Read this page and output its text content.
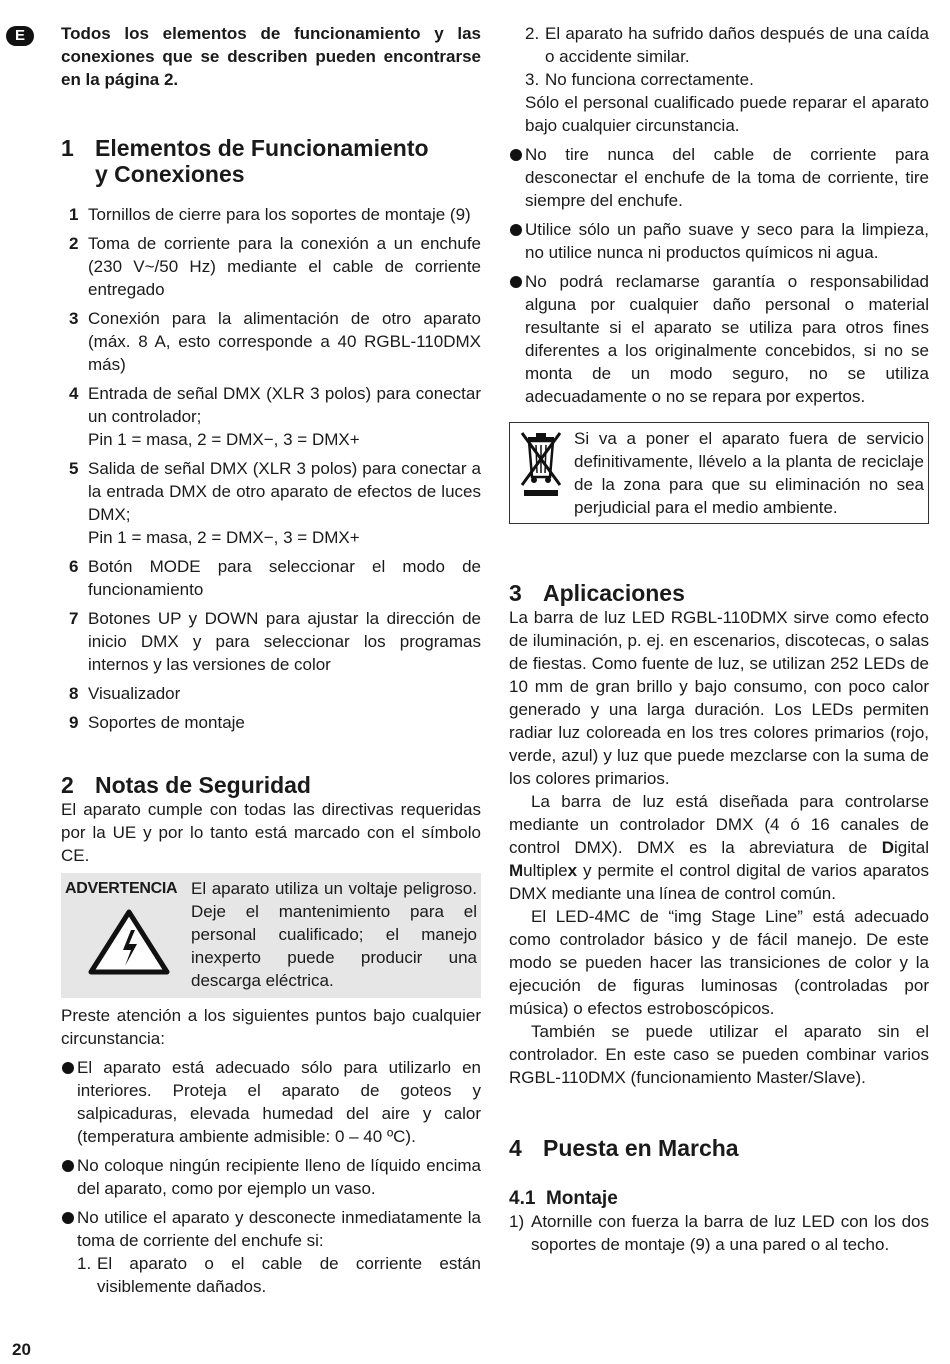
E	Todos los elementos de funcionamiento y las conexiones que se describen pueden encontrarse en la página 2.

1 Elementos de Funcionamiento
y Conexiones
1 Tornillos de cierre para los soportes de montaje (9)
2 Toma de corriente para la conexión a un enchufe (230 V~/50 Hz) mediante el cable de corriente entregado
3 Conexión para la alimentación de otro aparato (máx. 8 A, esto corresponde a 40 RGBL-110DMX más)
4 Entrada de señal DMX (XLR 3 polos) para conectar un controlador;
Pin 1 = masa, 2 = DMX−, 3 = DMX+
5 Salida de señal DMX (XLR 3 polos) para conectar a la entrada DMX de otro aparato de efectos de luces DMX;
Pin 1 = masa, 2 = DMX−, 3 = DMX+
6 Botón MODE para seleccionar el modo de funcionamiento
7 Botones UP y DOWN para ajustar la dirección de inicio DMX y para seleccionar los programas internos y las versiones de color
8 Visualizador
9 Soportes de montaje
2 Notas de Seguridad

El aparato cumple con todas las directivas requeridas por la UE y por lo tanto está marcado con el símbolo CE.

ADVERTENCIA El aparato utiliza un voltaje peligroso. Deje el mantenimiento para el personal cualificado; el manejo inexperto puede producir una descarga eléctrica.

Preste atención a los siguientes puntos bajo cualquier circunstancia:

El aparato está adecuado sólo para utilizarlo en interiores. Proteja el aparato de goteos y salpicaduras, elevada humedad del aire y calor (temperatura ambiente admisible: 0 – 40 ºC).
No coloque ningún recipiente lleno de líquido encima del aparato, como por ejemplo un vaso.
No utilice el aparato y desconecte inmediatamente la toma de corriente del enchufe si:
1. El aparato o el cable de corriente están visiblemente dañados.
2. El aparato ha sufrido daños después de una caída o accidente similar.
3. No funciona correctamente.

Sólo el personal cualificado puede reparar el aparato bajo cualquier circunstancia.

No tire nunca del cable de corriente para desconectar el enchufe de la toma de corriente, tire siempre del enchufe.
Utilice sólo un paño suave y seco para la limpieza, no utilice nunca ni productos químicos ni agua.
No podrá reclamarse garantía o responsabilidad alguna por cualquier daño personal o material resultante si el aparato se utiliza para otros fines diferentes a los originalmente concebidos, si no se monta de un modo seguro, no se utiliza adecuadamente o no se repara por expertos.
Si va a poner el aparato fuera de servicio definitivamente, llévelo a la planta de reciclaje de la zona para que su eliminación no sea perjudicial para el medio ambiente.
3 Aplicaciones

La barra de luz LED RGBL-110DMX sirve como efecto de iluminación, p. ej. en escenarios, discotecas, o salas de fiestas. Como fuente de luz, se utilizan 252 LEDs de 10 mm de gran brillo y bajo consumo, con poco calor generado y una larga duración. Los LEDs permiten radiar luz coloreada en los tres colores primarios (rojo, verde, azul) y luz que puede mezclarse con la suma de los colores primarios.

La barra de luz está diseñada para controlarse mediante un controlador DMX (4 ó 16 canales de control DMX). DMX es la abreviatura de Digital Multiplex y permite el control digital de varios aparatos DMX mediante una línea de control común.

El LED-4MC de “img Stage Line” está adecuado como controlador básico y de fácil manejo. De este modo se pueden hacer las transiciones de color y la ejecución de figuras luminosas (controladas por música) o efectos estroboscópicos.

También se puede utilizar el aparato sin el controlador. En este caso se pueden combinar varios RGBL-110DMX (funcionamiento Master/Slave).

4 Puesta en Marcha
4.1 Montaje
1) Atornille con fuerza la barra de luz LED con los dos soportes de montaje (9) a una pared o al techo.
20
